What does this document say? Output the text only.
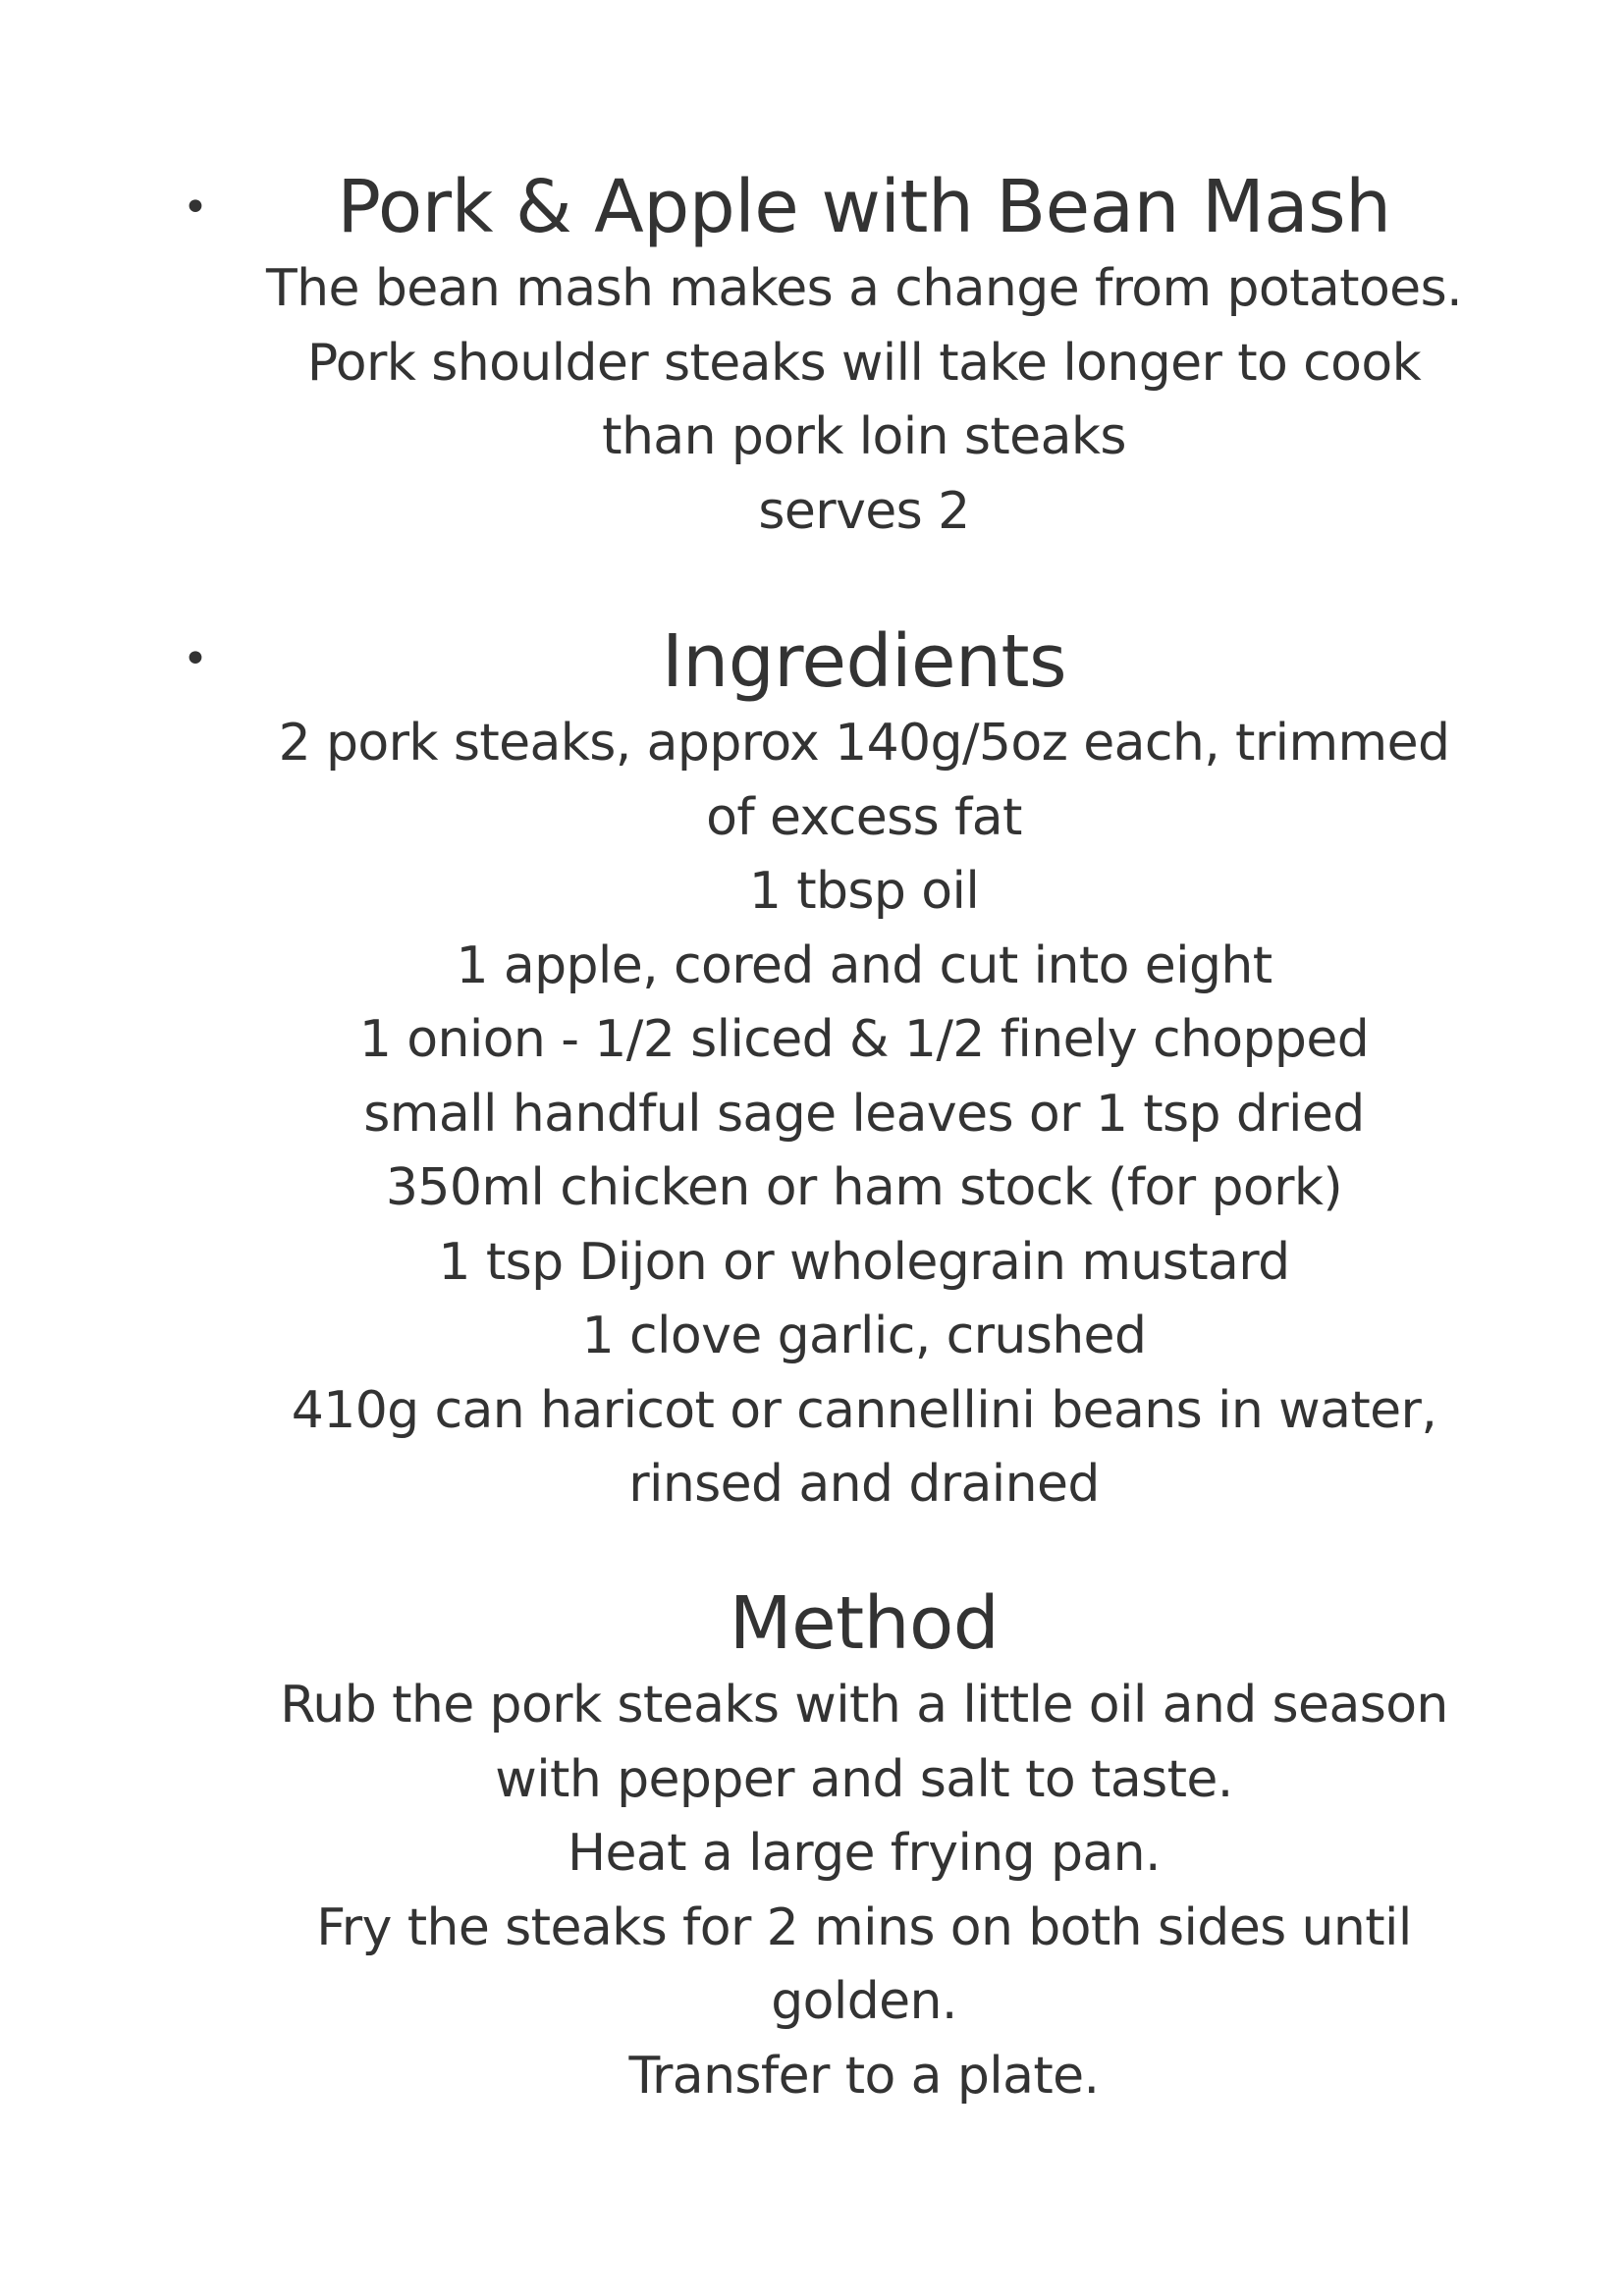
•
•
Pork & Apple with Bean Mash

The bean mash makes a change from potatoes.

Pork shoulder steaks will take longer to cook

than pork loin steaks

serves 2

Ingredients

2 pork steaks, approx 140g/5oz each, trimmed

of excess fat

1 tbsp oil

1 apple, cored and cut into eight

1 onion - 1/2 sliced & 1/2 finely chopped

small handful sage leaves or 1 tsp dried

350ml chicken or ham stock (for pork)

1 tsp Dijon or wholegrain mustard

1 clove garlic, crushed

410g can haricot or cannellini beans in water,

rinsed and drained

Method

Rub the pork steaks with a little oil and season

with pepper and salt to taste.

Heat a large frying pan.

Fry the steaks for 2 mins on both sides until

golden.

Transfer to a plate.
